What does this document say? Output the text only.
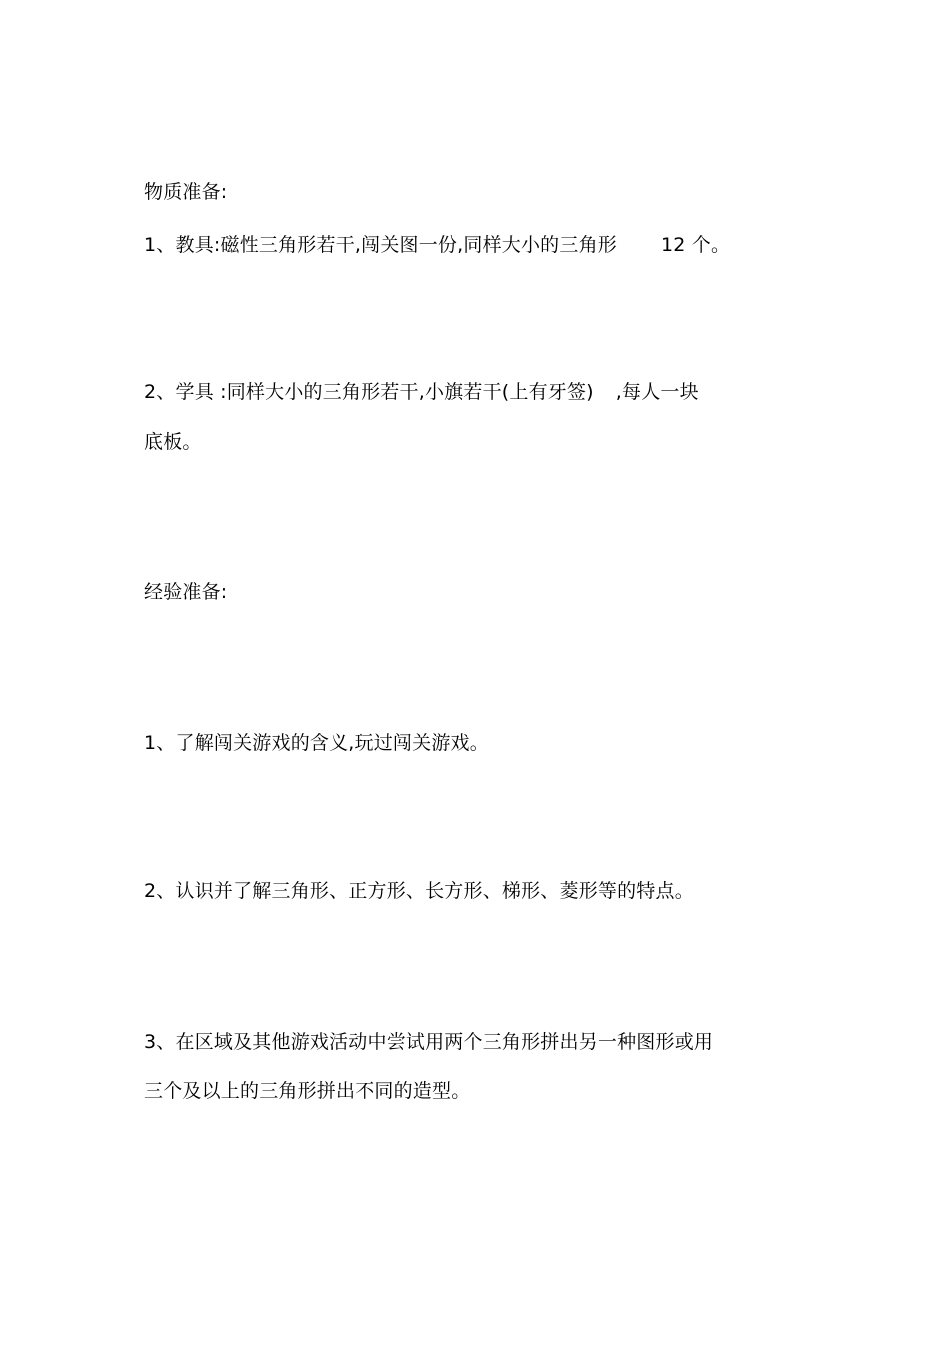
物质准备:
1、教具:磁性三角形若干,闯关图一份,同样大小的三角形 12 个。
2、学具 :同样大小的三角形若干,小旗若干(上有牙签) ,每人一块
底板。
经验准备:
1、了解闯关游戏的含义,玩过闯关游戏。
2、认识并了解三角形、正方形、长方形、梯形、菱形等的特点。
3、在区域及其他游戏活动中尝试用两个三角形拼出另一种图形或用
三个及以上的三角形拼出不同的造型。
